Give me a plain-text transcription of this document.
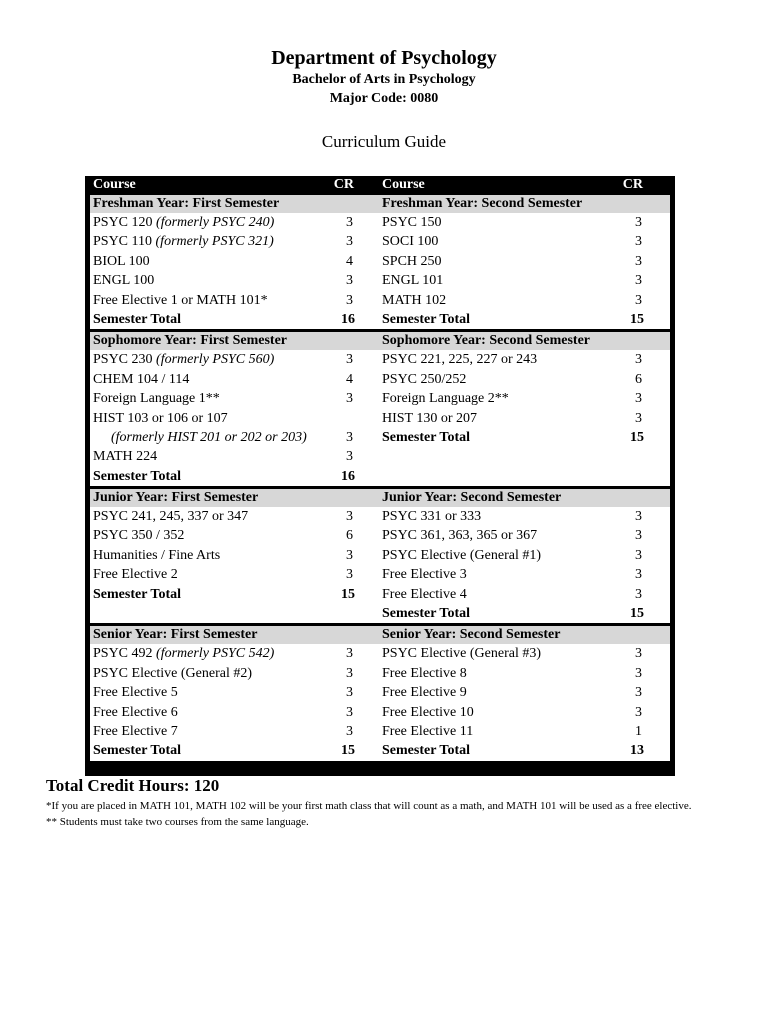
Department of Psychology
Bachelor of Arts in Psychology
Major Code: 0080
Curriculum Guide
Course	CR
Freshman Year: First Semester
PSYC 120 (formerly PSYC 240)	3
PSYC 110 (formerly PSYC 321)	3
BIOL 100	4
ENGL 100	3
Free Elective 1 or MATH 101*	3
Semester Total	16
Sophomore Year: First Semester
PSYC 230 (formerly PSYC 560)	3
CHEM 104 / 114	4
Foreign Language 1**	3
HIST 103 or 106 or 107
(formerly HIST 201 or 202 or 203)	3
MATH 224	3
Semester Total	16
Junior Year: First Semester
PSYC 241, 245, 337 or 347	3
PSYC 350 / 352	6
Humanities / Fine Arts	3
Free Elective 2	3
Semester Total	15
Senior Year: First Semester
PSYC 492 (formerly PSYC 542)	3
PSYC Elective (General #2)	3
Free Elective 5	3
Free Elective 6	3
Free Elective 7	3
Semester Total	15
Course	CR
Freshman Year: Second Semester
PSYC 150	3
SOCI 100	3
SPCH 250	3
ENGL 101	3
MATH 102	3
Semester Total	15
Sophomore Year: Second Semester
PSYC 221, 225, 227 or 243	3
PSYC 250/252	6
Foreign Language 2**	3
HIST 130 or 207	3
Semester Total	15
Junior Year: Second Semester
PSYC 331 or 333	3
PSYC 361, 363, 365 or 367	3
PSYC Elective (General #1)	3
Free Elective 3	3
Free Elective 4	3
Semester Total	15
Senior Year: Second Semester
PSYC Elective (General #3)	3
Free Elective 8	3
Free Elective 9	3
Free Elective 10	3
Free Elective 11	1
Semester Total	13
Total Credit Hours: 120
*If you are placed in MATH 101, MATH 102 will be your first math class that will count as a math, and MATH 101 will be used as a free elective.
** Students must take two courses from the same language.
